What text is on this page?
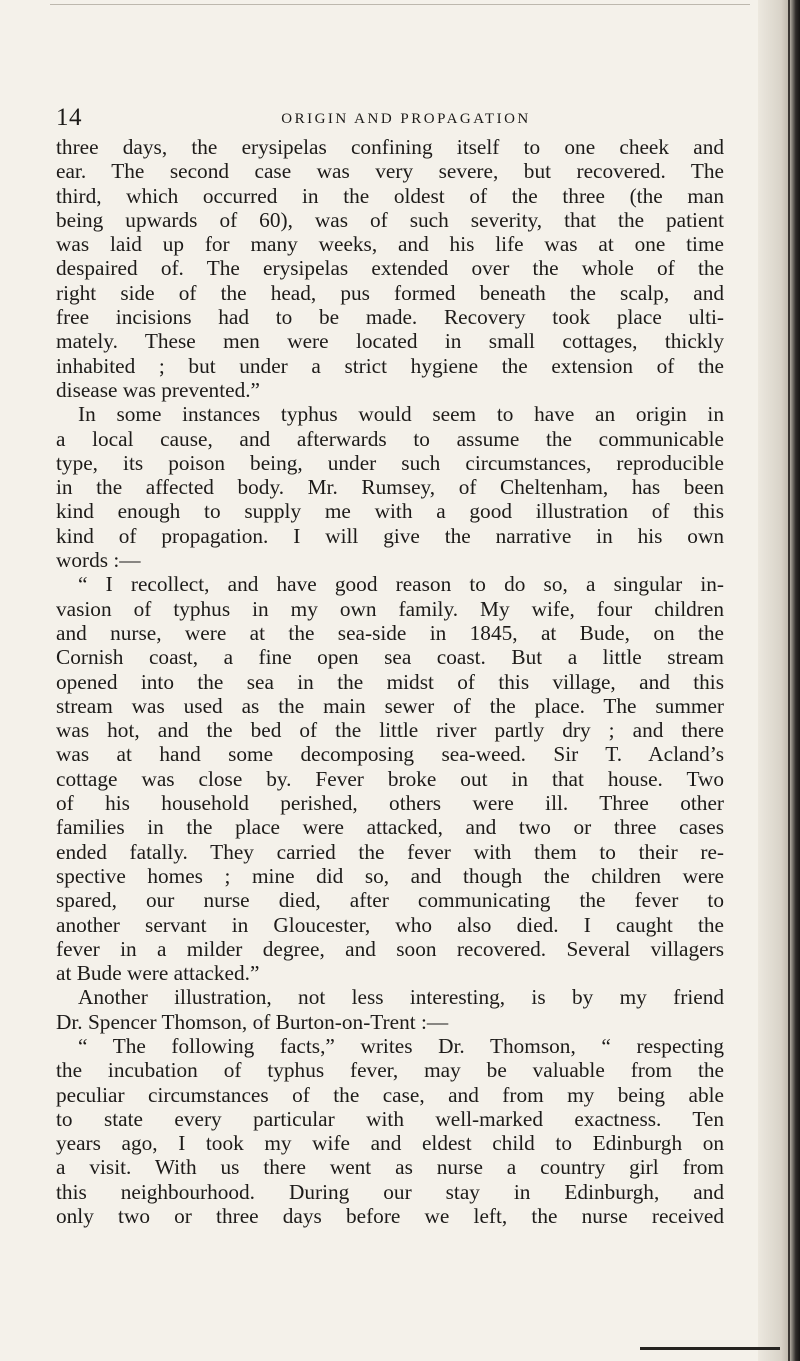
14	ORIGIN AND PROPAGATION
three days, the erysipelas confining itself to one cheek and
ear. The second case was very severe, but recovered. The
third, which occurred in the oldest of the three (the man
being upwards of 60), was of such severity, that the patient
was laid up for many weeks, and his life was at one time
despaired of. The erysipelas extended over the whole of the
right side of the head, pus formed beneath the scalp, and
free incisions had to be made. Recovery took place ulti-
mately. These men were located in small cottages, thickly
inhabited ; but under a strict hygiene the extension of the
disease was prevented.”
In some instances typhus would seem to have an origin in
a local cause, and afterwards to assume the communicable
type, its poison being, under such circumstances, reproducible
in the affected body. Mr. Rumsey, of Cheltenham, has been
kind enough to supply me with a good illustration of this
kind of propagation. I will give the narrative in his own
words :—
“ I recollect, and have good reason to do so, a singular in-
vasion of typhus in my own family. My wife, four children
and nurse, were at the sea-side in 1845, at Bude, on the
Cornish coast, a fine open sea coast. But a little stream
opened into the sea in the midst of this village, and this
stream was used as the main sewer of the place. The summer
was hot, and the bed of the little river partly dry ; and there
was at hand some decomposing sea-weed. Sir T. Acland’s
cottage was close by. Fever broke out in that house. Two
of his household perished, others were ill. Three other
families in the place were attacked, and two or three cases
ended fatally. They carried the fever with them to their re-
spective homes ; mine did so, and though the children were
spared, our nurse died, after communicating the fever to
another servant in Gloucester, who also died. I caught the
fever in a milder degree, and soon recovered. Several villagers
at Bude were attacked.”
Another illustration, not less interesting, is by my friend
Dr. Spencer Thomson, of Burton-on-Trent :—
“ The following facts,” writes Dr. Thomson, “ respecting
the incubation of typhus fever, may be valuable from the
peculiar circumstances of the case, and from my being able
to state every particular with well-marked exactness. Ten
years ago, I took my wife and eldest child to Edinburgh on
a visit. With us there went as nurse a country girl from
this neighbourhood. During our stay in Edinburgh, and
only two or three days before we left, the nurse received
